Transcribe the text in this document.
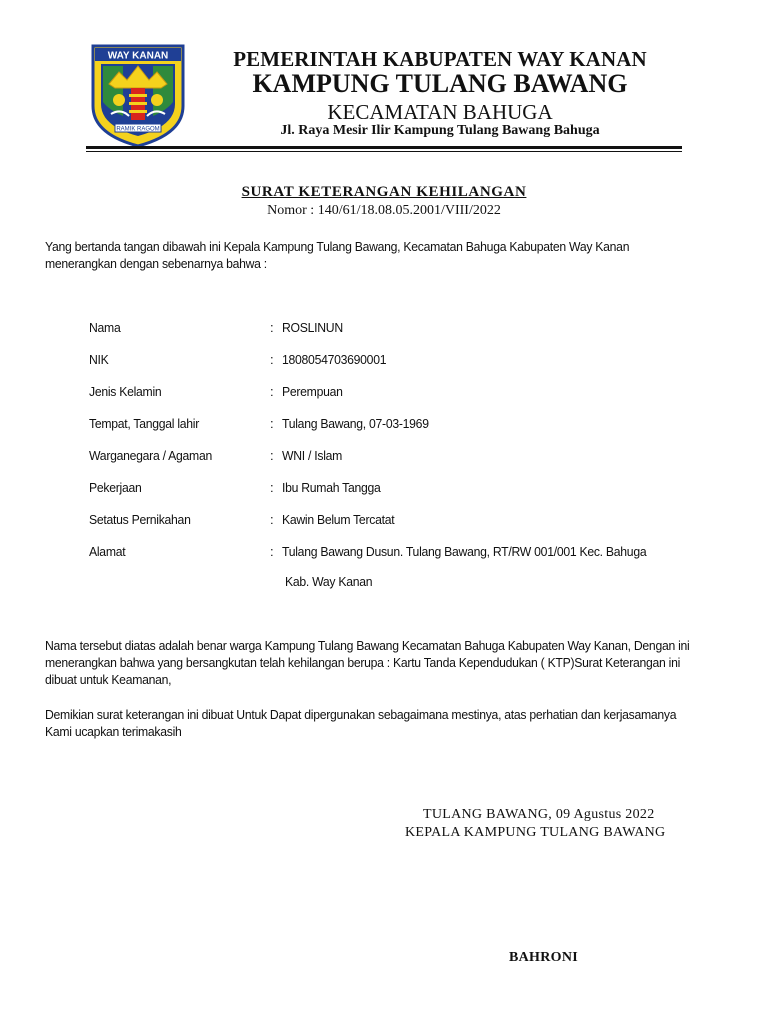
WAY KANAN
RAMIK RAGOM
PEMERINTAH KABUPATEN WAY KANAN
KAMPUNG TULANG BAWANG
KECAMATAN BAHUGA
Jl. Raya Mesir Ilir Kampung Tulang Bawang Bahuga
SURAT KETERANGAN KEHILANGAN
Nomor : 140/61/18.08.05.2001/VIII/2022
Yang bertanda tangan dibawah ini Kepala Kampung Tulang Bawang, Kecamatan Bahuga Kabupaten Way Kanan menerangkan dengan sebenarnya bahwa :
Nama	: ROSLINUN
NIK	: 1808054703690001
Jenis Kelamin	: Perempuan
Tempat, Tanggal lahir	: Tulang Bawang, 07-03-1969
Warganegara / Agaman	: WNI / Islam
Pekerjaan	: Ibu Rumah Tangga
Setatus Pernikahan	: Kawin Belum Tercatat
Alamat	: Tulang Bawang Dusun. Tulang Bawang, RT/RW 001/001 Kec. Bahuga
Kab. Way Kanan
Nama tersebut diatas adalah benar warga Kampung Tulang Bawang Kecamatan Bahuga Kabupaten Way Kanan, Dengan ini menerangkan bahwa yang bersangkutan telah kehilangan berupa : Kartu Tanda Kependudukan ( KTP)Surat Keterangan ini dibuat untuk Keamanan,
Demikian surat keterangan ini dibuat Untuk Dapat dipergunakan sebagaimana mestinya, atas perhatian dan kerjasamanya Kami ucapkan terimakasih
TULANG BAWANG, 09 Agustus 2022
KEPALA KAMPUNG TULANG BAWANG
BAHRONI
